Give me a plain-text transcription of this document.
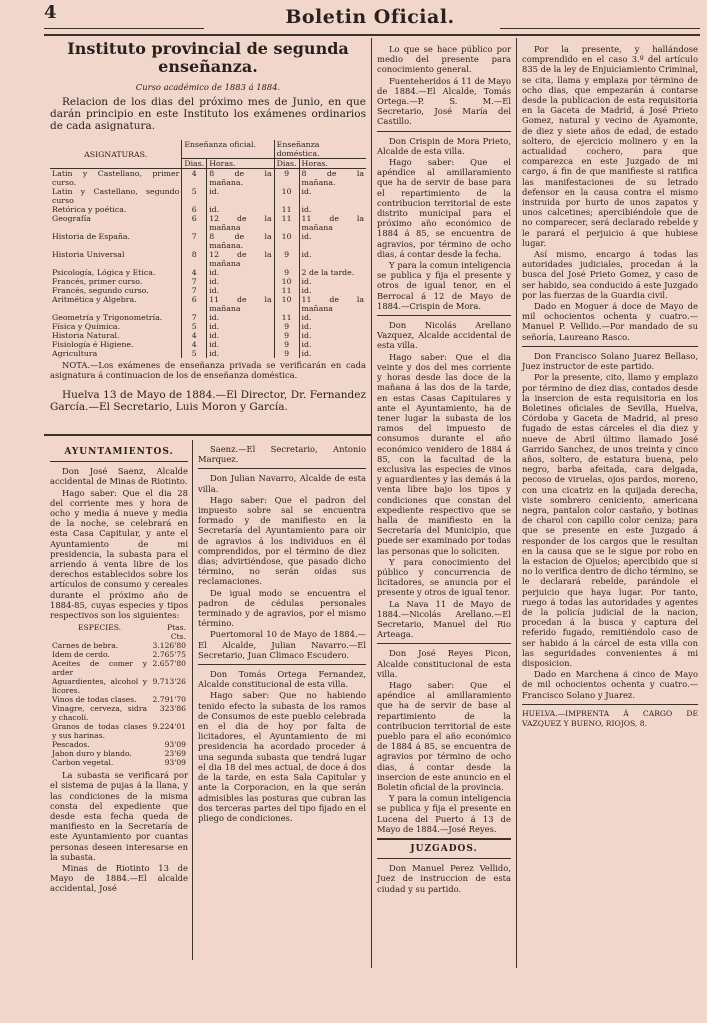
4	Boletin Oficial.
Instituto provincial de segunda enseñanza.

Curso académico de 1883 á 1884.

Relacion de los dias del próximo mes de Junio, en que darán principio en este Instituto los exámenes ordinarios de cada asignatura.

ASIGNATURAS.	Enseñanza oficial.		Enseñanza doméstica.	
	Dias.	Horas.	Dias.	Horas.
Latin y Castellano, primer curso.	4	8 de la mañana.	9	8 de la mañana.
Latin y Castellano, segundo curso	5	id.	10	id.
Retórica y poética.	6	id.	11	id.
Geografía	6	12 de la mañana	11	11 de la mañana
Historia de España.	7	8 de la mañana.	10	id.
Historia Universal	8	12 de la mañana	9	id.
Psicología, Lógica y Etica.	4	id.	9	2 de la tarde.
Francés, primer curso.	7	id.	10	id.
Francés, segundo curso.	7	id.	11	id.
Aritmética y Algebra.	6	11 de la mañana	10	11 de la mañana
Geometría y Trigonometría.	7	id.	11	id.
Física y Química.	5	id.	9	id.
Historia Natural.	4	id.	9	id.
Fisiología é Higiene.	4	id.	9	id.
Agricultura	5	id.	9	id.

NOTA.—Los exámenes de enseñanza privada se verificarán en cada asignatura á continuacion de los de enseñanza doméstica.

Huelva 13 de Mayo de 1884.—El Director, Dr. Fernandez García.—El Secretario, Luis Moron y García.

AYUNTAMIENTOS.

Don José Saenz, Alcalde accidental de Minas de Riotinto.

Hago saber: Que el dia 28 del corriente mes y hora de ocho y media á nueve y media de la noche, se celebrará en esta Casa Capitular, y ante el Ayuntamiento de mi presidencia, la subasta para el arriendo á venta libre de los derechos establecidos sobre los artículos de consumo y cereales durante el próximo año de 1884-85, cuyas especies y tipos respectivos son los siguientes:

ESPECIES.	Ptas. Cts.
Carnes de bebra.	3.126'80
Idem de cerdo.	2.765'75
Aceites de comer y arder	2.657'80
Aguardientes, alcohol y licores.	9.713'26
Vinos de todas clases.	2.791'70
Vinagre, cerveza, sidra y chacolí.	323'86
Granos de todas clases y sus harinas.	9.224'01
Pescados.	93'09
Jabon duro y blando.	23'69
Carbon vegetal.	93'09

La subasta se verificará por el sistema de pujas á la llana, y las condiciones de la misma consta del expediente que desde esta fecha queda de manifiesto en la Secretaría de este Ayuntamiento por cuantas personas deseen interesarse en la subasta.

Minas de Riotinto 13 de Mayo de 1884.—El alcalde accidental, José

Saenz.—El Secretario, Antonio Marquez.

Don Julian Navarro, Alcalde de esta villa.

Hago saber: Que el padron del impuesto sobre sal se encuentra formado y de manifiesto en la Secretaría del Ayuntamiento para oir de agravios á los individuos en él comprendidos, por el término de diez dias; advirtiéndose, que pasado dicho término, no serán oidas sus reclamaciones.

De igual modo se encuentra el padron de cédulas personales terminado y de agravios, por el mismo término.

Puertomoral 10 de Mayo de 1884.—El Alcalde, Julian Navarro.—El Secretario, Juan Climaco Escudero.

Don Tomás Ortega Fernandez, Alcalde constitucional de esta villa.

Hago saber: Que no habiendo tenido efecto la subasta de los ramos de Consumos de este pueblo celebrada en el dia de hoy por falta de licitadores, el Ayuntamiento de mi presidencia ha acordado proceder á una segunda subasta que tendrá lugar el dia 18 del mes actual, de doce á dos de la tarde, en esta Sala Capitular y ante la Corporacion, en la que serán admisibles las posturas que cubran las dos terceras partes del tipo fijado en el pliego de condiciones.

Lo que se hace público por medio del presente para conocimiento general.

Fuenteheridos á 11 de Mayo de 1884.—El Alcalde, Tomás Ortega.—P. S. M.—El Secretario, José María del Castillo.

Don Crispin de Mora Prieto, Alcalde de esta villa.

Hago saber: Que el apéndice al amillaramiento que ha de servir de base para el repartimiento de la contribucion territorial de este distrito municipal para el próximo año económico de 1884 á 85, se encuentra de agravios, por término de ocho dias, á contar desde la fecha.

Y para la comun inteligencia se publica y fija el presente y otros de igual tenor, en el Berrocal á 12 de Mayo de 1884.—Crispin de Mora.

Don Nicolás Arellano Vazquez, Alcalde accidental de esta villa.

Hago saber: Que el dia veinte y dos del mes corriente y horas desde las doce de la mañana á las dos de la tarde, en estas Casas Capitulares y ante el Ayuntamiento, ha de tener lugar la subasta de los ramos del impuesto de consumos durante el año económico venidero de 1884 á 85, con la facultad de la exclusiva las especies de vinos y aguardientes y las demás á la venta libre bajo los tipos y condiciones que constan del expediente respectivo que se halla de manifiesto en la Secretaría del Municipio, que puede ser examinado por todas las personas que lo soliciten.

Y para conocimiento del público y concurrencia de licitadores, se anuncia por el presente y otros de igual tenor.

La Nava 11 de Mayo de 1884.—Nicolás Arellano.—El Secretario, Manuel del Rio Arteaga.

Don José Reyes Picon, Alcalde constitucional de esta villa.

Hago saber: Que el apéndice al amillaramiento que ha de servir de base al repartimiento de la contribucion territorial de este pueblo para el año económico de 1884 á 85, se encuentra de agravios por término de ocho dias, á contar desde la insercion de este anuncio en el Boletin oficial de la provincia.

Y para la comun inteligencia se publica y fija el presente en Lucena del Puerto á 13 de Mayo de 1884.—José Reyes.

JUZGADOS.

Don Manuel Perez Vellido, Juez de instruccion de esta ciudad y su partido.

Por la presente, y hallándose comprendido en el caso 3.º del artículo 835 de la ley de Enjuiciamiento Criminal, se cita, llama y emplaza por término de ocho dias, que empezarán á contarse desde la publicacion de esta requisitoria en la Gaceta de Madrid, á José Prieto Gomez, natural y vecino de Ayamonte, de diez y siete años de edad, de estado soltero, de ejercicio molinero y en la actualidad cochero, para que comparezca en este Juzgado de mi cargo, á fin de que manifieste si ratifica las manifestaciones de su letrado defensor en la causa contra el mismo instruida por hurto de unos zapatos y unos calcetines; apercibiéndole que de no comparecer, será declarado rebelde y le parará el perjuicio á que hubiese lugar.

Así mismo, encargo á todas las autoridades judiciales, procedan á la busca del José Prieto Gomez, y caso de ser habido, sea conducido á este Juzgado por las fuerzas de la Guardia civil.

Dado en Moguer á doce de Mayo de mil ochocientos ochenta y cuatro.—Manuel P. Vellido.—Por mandado de su señoría, Laureano Rasco.

Don Francisco Solano Juarez Bellaso, Juez instructor de este partido.

Por la presente, cito, llamo y emplazo por término de diez dias, contados desde la insercion de esta requisitoria en los Boletines oficiales de Sevilla, Huelva, Córdoba y Gaceta de Madrid, al preso fugado de estas cárceles el dia diez y nueve de Abril último llamado José Garrido Sanchez, de unos treinta y cinco años, soltero, de estatura buena, pelo negro, barba afeitada, cara delgada, pecoso de viruelas, ojos pardos, moreno, con una cicatriz en la quijada derecha, viste sombrero ceniciento, americana negra, pantalon color castaño, y botinas de charol con capillo color ceniza; para que se presente en este Juzgado á responder de los cargos que le resultan en la causa que se le sigue por robo en la estacion de Ojuelos; apercibido que si no lo verifica dentro de dicho término, se le declarará rebelde, parándole el perjuicio que haya lugar. Por tanto, ruego á todas las autoridades y agentes de la policía judicial de la nacion, procedan á la busca y captura del referido fugado, remitiéndolo caso de ser habido á la cárcel de esta villa con las seguridades convenientes á mi disposicion.

Dado en Marchena á cinco de Mayo de mil ochocientos ochenta y cuatro.—Francisco Solano y Juarez.

HUELVA.—IMPRENTA Á CARGO DE VAZQUEZ Y BUENO, RIOJOS, 8.
